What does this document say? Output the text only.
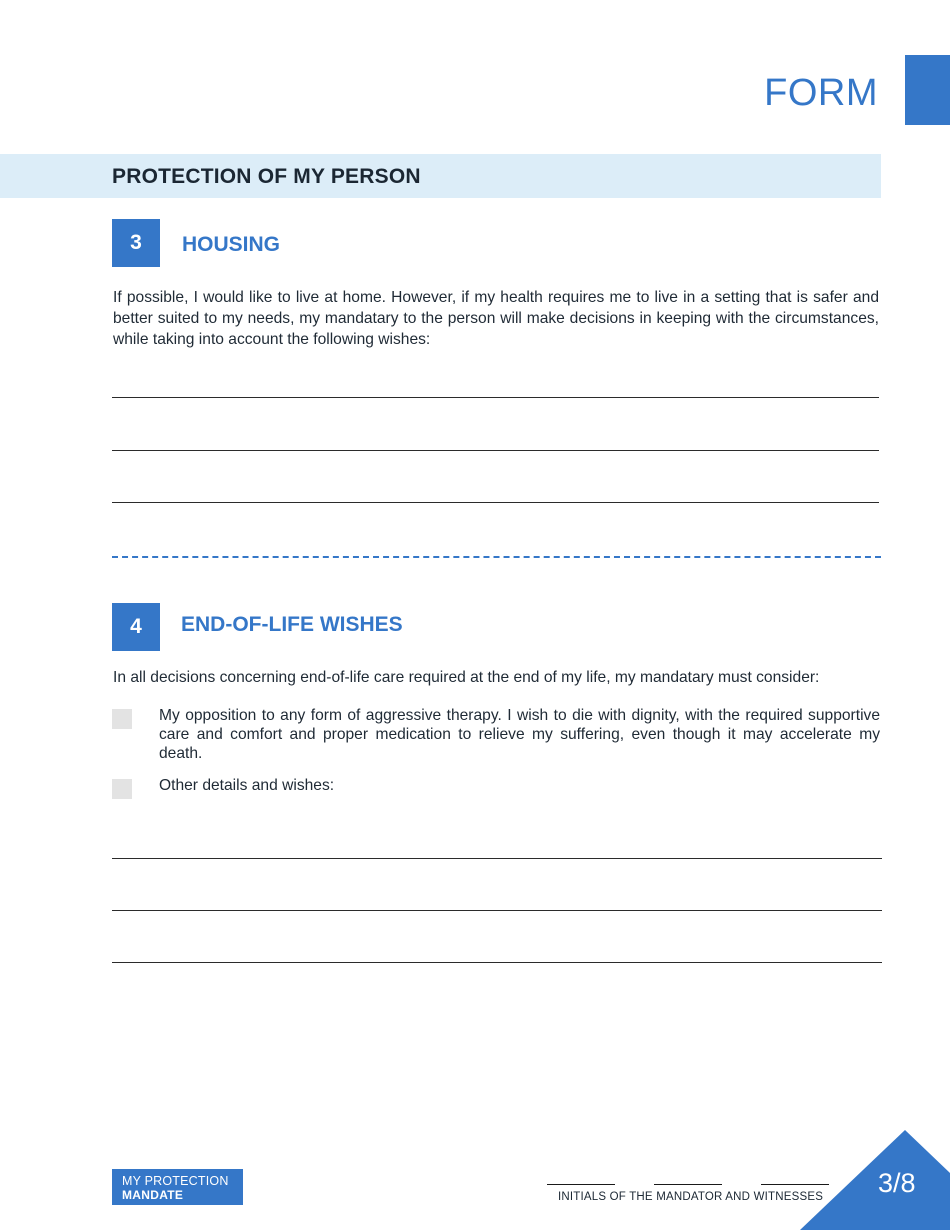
FORM
PROTECTION OF MY PERSON
3	HOUSING
If possible, I would like to live at home. However, if my health requires me to live in a setting that is safer and better suited to my needs, my mandatary to the person will make decisions in keeping with the circumstances, while taking into account the following wishes:
4	END-OF-LIFE WISHES
In all decisions concerning end-of-life care required at the end of my life, my mandatary must consider:
My opposition to any form of aggressive therapy. I wish to die with dignity, with the required supportive care and comfort and proper medication to relieve my suffering, even though it may accelerate my death.
Other details and wishes:
MY PROTECTION
MANDATE	INITIALS OF THE MANDATOR AND WITNESSES 3/8
